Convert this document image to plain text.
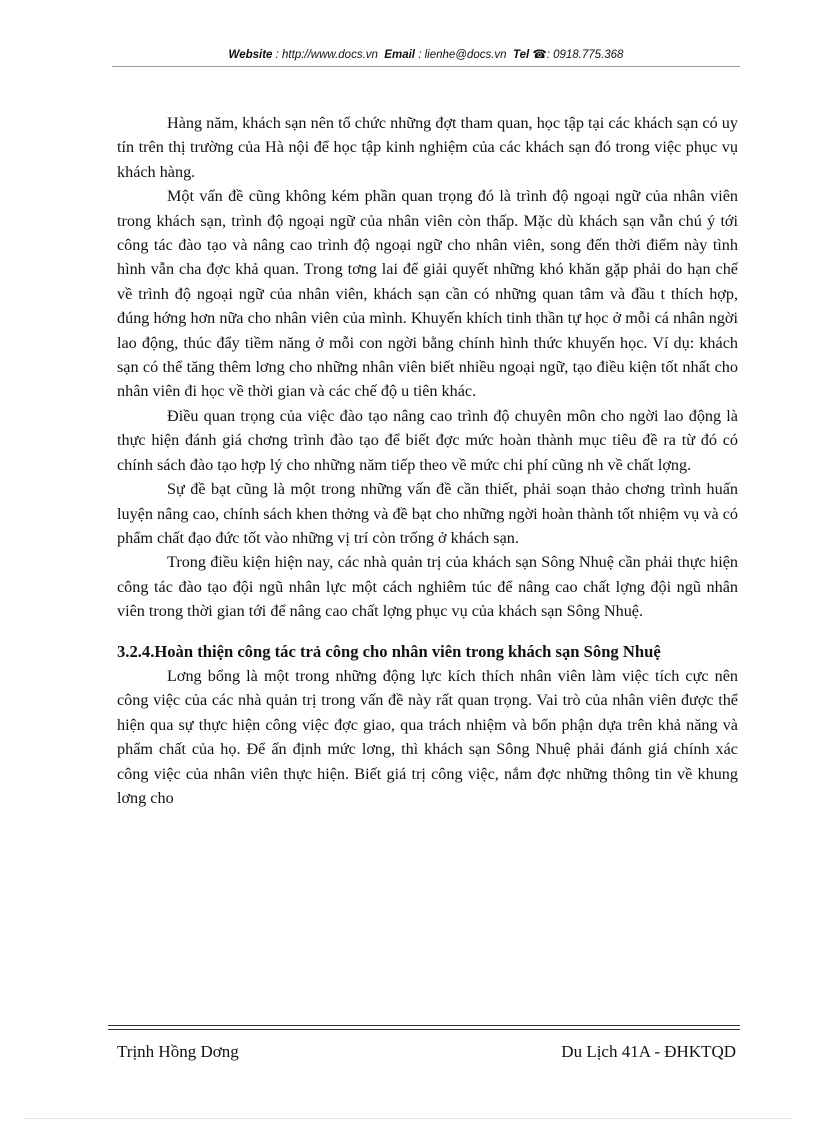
Website : http://www.docs.vn Email : lienhe@docs.vn Tel ☎: 0918.775.368

Hàng năm, khách sạn nên tổ chức những đợt tham quan, học tập tại các khách sạn có uy tín trên thị trường của Hà nội để học tập kinh nghiệm của các khách sạn đó trong việc phục vụ khách hàng.

Một vấn đề cũng không kém phần quan trọng đó là trình độ ngoại ngữ của nhân viên trong khách sạn, trình độ ngoại ngữ của nhân viên còn thấp. Mặc dù khách sạn vẫn chú ý tới công tác đào tạo và nâng cao trình độ ngoại ngữ cho nhân viên, song đến thời điểm này tình hình vẫn cha đợc khả quan. Trong tơng lai để giải quyết những khó khăn gặp phải do hạn chế về trình độ ngoại ngữ của nhân viên, khách sạn cần có những quan tâm và đầu t thích hợp, đúng hớng hơn nữa cho nhân viên của mình. Khuyến khích tinh thần tự học ở mỗi cá nhân ngời lao động, thúc đẩy tiềm năng ở mỗi con ngời bằng chính hình thức khuyến học. Ví dụ: khách sạn có thể tăng thêm lơng cho những nhân viên biết nhiều ngoại ngữ, tạo điều kiện tốt nhất cho nhân viên đi học về thời gian và các chế độ u tiên khác.

Điều quan trọng của việc đào tạo nâng cao trình độ chuyên môn cho ngời lao động là thực hiện đánh giá chơng trình đào tạo để biết đợc mức hoàn thành mục tiêu đề ra từ đó có chính sách đào tạo hợp lý cho những năm tiếp theo về mức chi phí cũng nh về chất lợng.

Sự đề bạt cũng là một trong những vấn đề cần thiết, phải soạn thảo chơng trình huấn luyện nâng cao, chính sách khen thởng và đề bạt cho những ngời hoàn thành tốt nhiệm vụ và có phẩm chất đạo đức tốt vào những vị trí còn trống ở khách sạn.

Trong điều kiện hiện nay, các nhà quản trị của khách sạn Sông Nhuệ cần phải thực hiện công tác đào tạo đội ngũ nhân lực một cách nghiêm túc để nâng cao chất lợng đội ngũ nhân viên trong thời gian tới để nâng cao chất lợng phục vụ của khách sạn Sông Nhuệ.

3.2.4.Hoàn thiện công tác trả công cho nhân viên trong khách sạn Sông Nhuệ

Lơng bổng là một trong những động lực kích thích nhân viên làm việc tích cực nên công việc của các nhà quản trị trong vấn đề này rất quan trọng. Vai trò của nhân viên được thể hiện qua sự thực hiện công việc đợc giao, qua trách nhiệm và bổn phận dựa trên khả năng và phẩm chất của họ. Để ấn định mức lơng, thì khách sạn Sông Nhuệ phải đánh giá chính xác công việc của nhân viên thực hiện. Biết giá trị công việc, nắm đợc những thông tin về khung lơng cho

Trịnh Hồng Dơng	Du Lịch 41A - ĐHKTQD
